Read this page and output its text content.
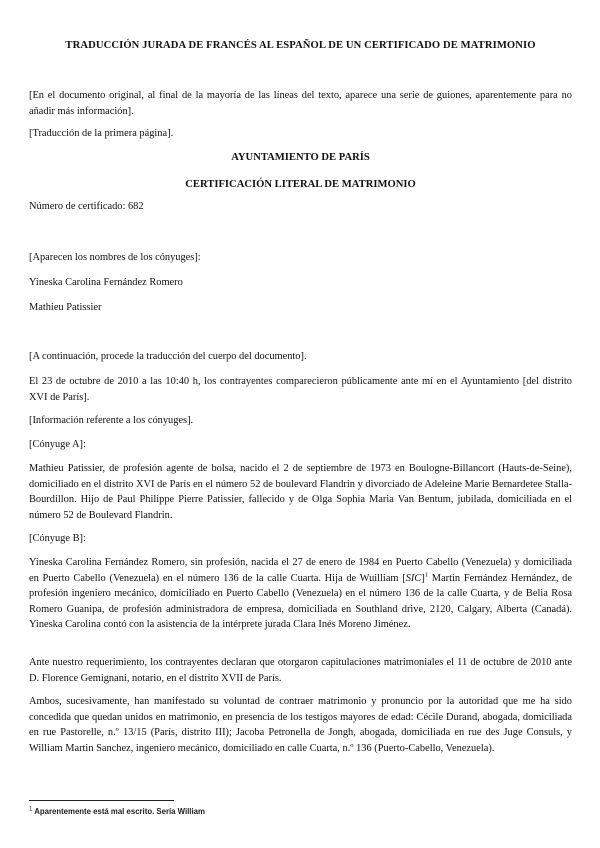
TRADUCCIÓN JURADA DE FRANCÉS AL ESPAÑOL DE UN CERTIFICADO DE MATRIMONIO

[En el documento original, al final de la mayoría de las líneas del texto, aparece una serie de guiones, aparentemente para no añadir más información].

[Traducción de la primera página].

AYUNTAMIENTO DE PARÍS

CERTIFICACIÓN LITERAL DE MATRIMONIO

Número de certificado: 682

[Aparecen los nombres de los cónyuges]:

Yineska Carolina Fernández Romero

Mathieu Patissier

[A continuación, procede la traducción del cuerpo del documento].

El 23 de octubre de 2010 a las 10:40 h, los contrayentes comparecieron públicamente ante mí en el Ayuntamiento [del distrito XVI de París].

[Información referente a los cónyuges].

[Cónyuge A]:

Mathieu Patissier, de profesión agente de bolsa, nacido el 2 de septiembre de 1973 en Boulogne-Billancort (Hauts-de-Seine), domiciliado en el distrito XVI de París en el número 52 de boulevard Flandrin y divorciado de Adeleine Marie Bernardetee Stalla-Bourdillon. Hijo de Paul Philippe Pierre Patissier, fallecido y de Olga Sophia Maria Van Bentum, jubilada, domiciliada en el número 52 de Boulevard Flandrin.

[Cónyuge B]:

Yineska Carolina Fernández Romero, sin profesión, nacida el 27 de enero de 1984 en Puerto Cabello (Venezuela) y domiciliada en Puerto Cabello (Venezuela) en el número 136 de la calle Cuarta. Hija de Wuilliam [SIC]$^1$ Martin Fernández Hernández, de profesión ingeniero mecánico, domiciliado en Puerto Cabello (Venezuela) en el número 136 de la calle Cuarta, y de Belia Rosa Romero Guanipa, de profesión administradora de empresa, domiciliada en Southland drive, 2120, Calgary, Alberta (Canadá). Yineska Carolina contó con la asistencia de la intérprete jurada Clara Inés Moreno Jiménez.

Ante nuestro requerimiento, los contrayentes declaran que otorgaron capitulaciones matrimoniales el 11 de octubre de 2010 ante D. Florence Gemignani, notario, en el distrito XVII de París.

Ambos, sucesivamente, han manifestado su voluntad de contraer matrimonio y pronuncio por la autoridad que me ha sido concedida que quedan unidos en matrimonio, en presencia de los testigos mayores de edad: Cécile Durand, abogada, domiciliada en rue Pastorelle, n.º 13/15 (París, distrito III); Jacoba Petronella de Jongh, abogada, domiciliada en rue des Juge Consuls, y William Martin Sanchez, ingeniero mecánico, domiciliado en calle Cuarta, n.º 136 (Puerto-Cabello, Venezuela).

$^1$ Aparentemente está mal escrito. Sería William
